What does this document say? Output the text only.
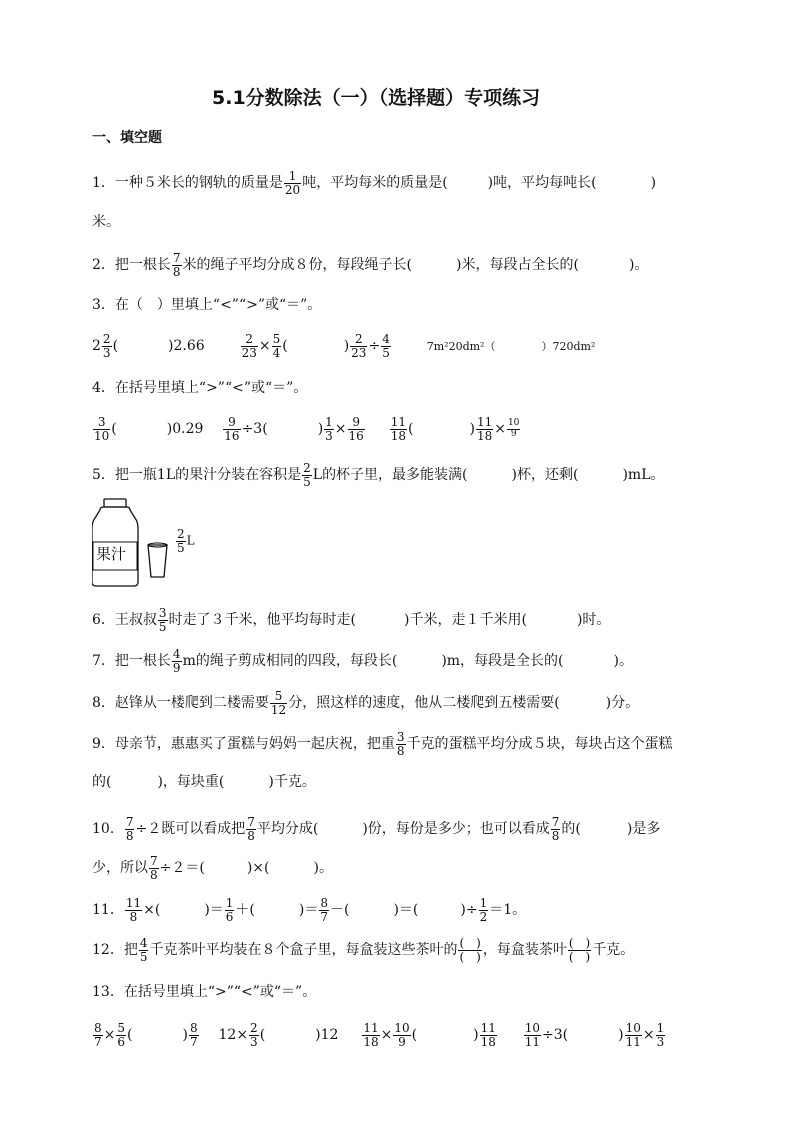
5.1分数除法（一）（选择题）专项练习
一、填空题
1．一种５米长的钢轨的质量是 $\frac{1}{20}$ 吨，平均每米的质量是(	)吨，平均每吨长(	)
米。
2．把一根长 $\frac{7}{8}$ 米的绳子平均分成８份，每段绳子长(	)米，每段占全长的(	)。
3．在（　）里填上“<”“>”或“＝”。
$2 \frac{2}{3}$ (	)2.66	$\frac{2}{23} \times \frac{5}{4}$ (	) $\frac{2}{23} \div \frac{4}{5}$	7m²20dm²（	）720dm²
4．在括号里填上“>”“<”或“＝”。
$\frac{3}{10}$ (	)$0.29 \frac{9}{16} \div 3$(	) $\frac{1}{3} \times \frac{9}{16}$
$\frac{11}{18}$ (	) $\frac{11}{18} \times \frac{10}{9}$
5．把一瓶1L的果汁分装在容积是 $\frac{2}{5}$ L的杯子里，最多能装满(	)杯，还剩(	)mL。
果汁	$\frac{2}{5}$ L
6．王叔叔 $\frac{3}{5}$ 时走了３千米，他平均每时走(	)千米，走１千米用(	)时。
7．把一根长 $\frac{4}{9}$ m的绳子剪成相同的四段，每段长(	)m，每段是全长的(	)。
8．赵锋从一楼爬到二楼需要 $\frac{5}{12}$ 分，照这样的速度，他从二楼爬到五楼需要(	)分。
9．母亲节，惠惠买了蛋糕与妈妈一起庆祝，把重 $\frac{3}{8}$ 千克的蛋糕平均分成５块，每块占这个蛋糕
的(	)，每块重(	)千克。
10． $\frac{7}{8} \div 2$既可以看成把 $\frac{7}{8}$ 平均分成(	)份，每份是多少；也可以看成 $\frac{7}{8}$ 的(	)是多
少，所以 $\frac{7}{8} \div 2=$(	)×(	)。
11． $\frac{11}{8}$ ×(	)＝ $\frac{1}{6}$ ＋(	)＝ $\frac{8}{7}$ －(	)＝(	)÷ $\frac{1}{2} =1$。
12．把 $\frac{4}{5}$ 千克茶叶平均装在８个盒子里，每盒装这些茶叶的 $\frac{( )}{( )}$ ，每盒装茶叶 $\frac{( )}{( )}$ 千克。
13．在括号里填上“>”“<”或“＝”。
$\frac{8}{7} \times \frac{5}{6}$ (	) $\frac{8}{7} 12\times \frac{2}{3}$ (	)$12 \frac{11}{18} \times \frac{10}{9}$ (	) $\frac{11}{18}$
$\frac{10}{11} \div 3$(	) $\frac{10}{11} \times \frac{1}{3}$
